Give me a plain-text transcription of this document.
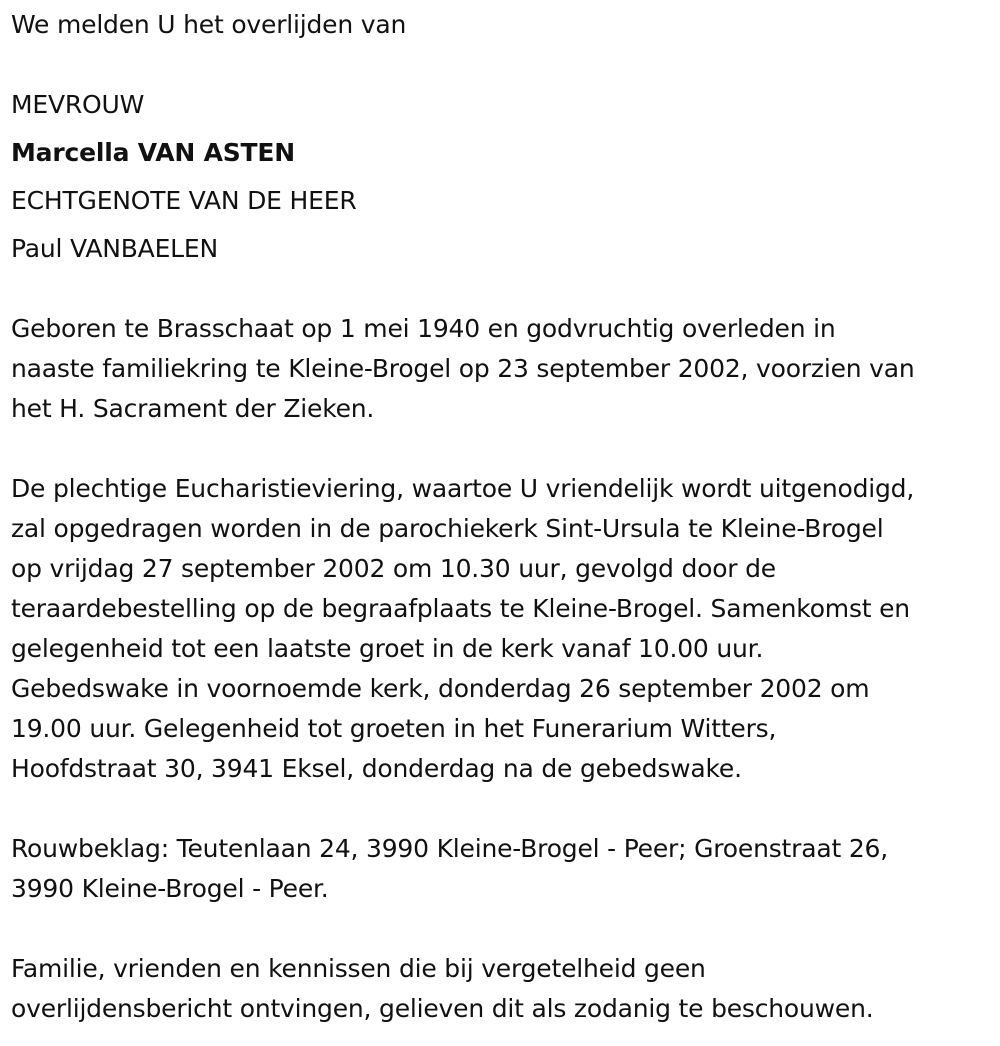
We melden U het overlijden van
MEVROUW
Marcella VAN ASTEN
ECHTGENOTE VAN DE HEER
Paul VANBAELEN

Geboren te Brasschaat op 1 mei 1940 en godvruchtig overleden in
naaste familiekring te Kleine-Brogel op 23 september 2002, voorzien van
het H. Sacrament der Zieken.

De plechtige Eucharistieviering, waartoe U vriendelijk wordt uitgenodigd,
zal opgedragen worden in de parochiekerk Sint-Ursula te Kleine-Brogel
op vrijdag 27 september 2002 om 10.30 uur, gevolgd door de
teraardebestelling op de begraafplaats te Kleine-Brogel. Samenkomst en
gelegenheid tot een laatste groet in de kerk vanaf 10.00 uur.
Gebedswake in voornoemde kerk, donderdag 26 september 2002 om
19.00 uur. Gelegenheid tot groeten in het Funerarium Witters,
Hoofdstraat 30, 3941 Eksel, donderdag na de gebedswake.

Rouwbeklag: Teutenlaan 24, 3990 Kleine-Brogel - Peer; Groenstraat 26,
3990 Kleine-Brogel - Peer.

Familie, vrienden en kennissen die bij vergetelheid geen
overlijdensbericht ontvingen, gelieven dit als zodanig te beschouwen.
